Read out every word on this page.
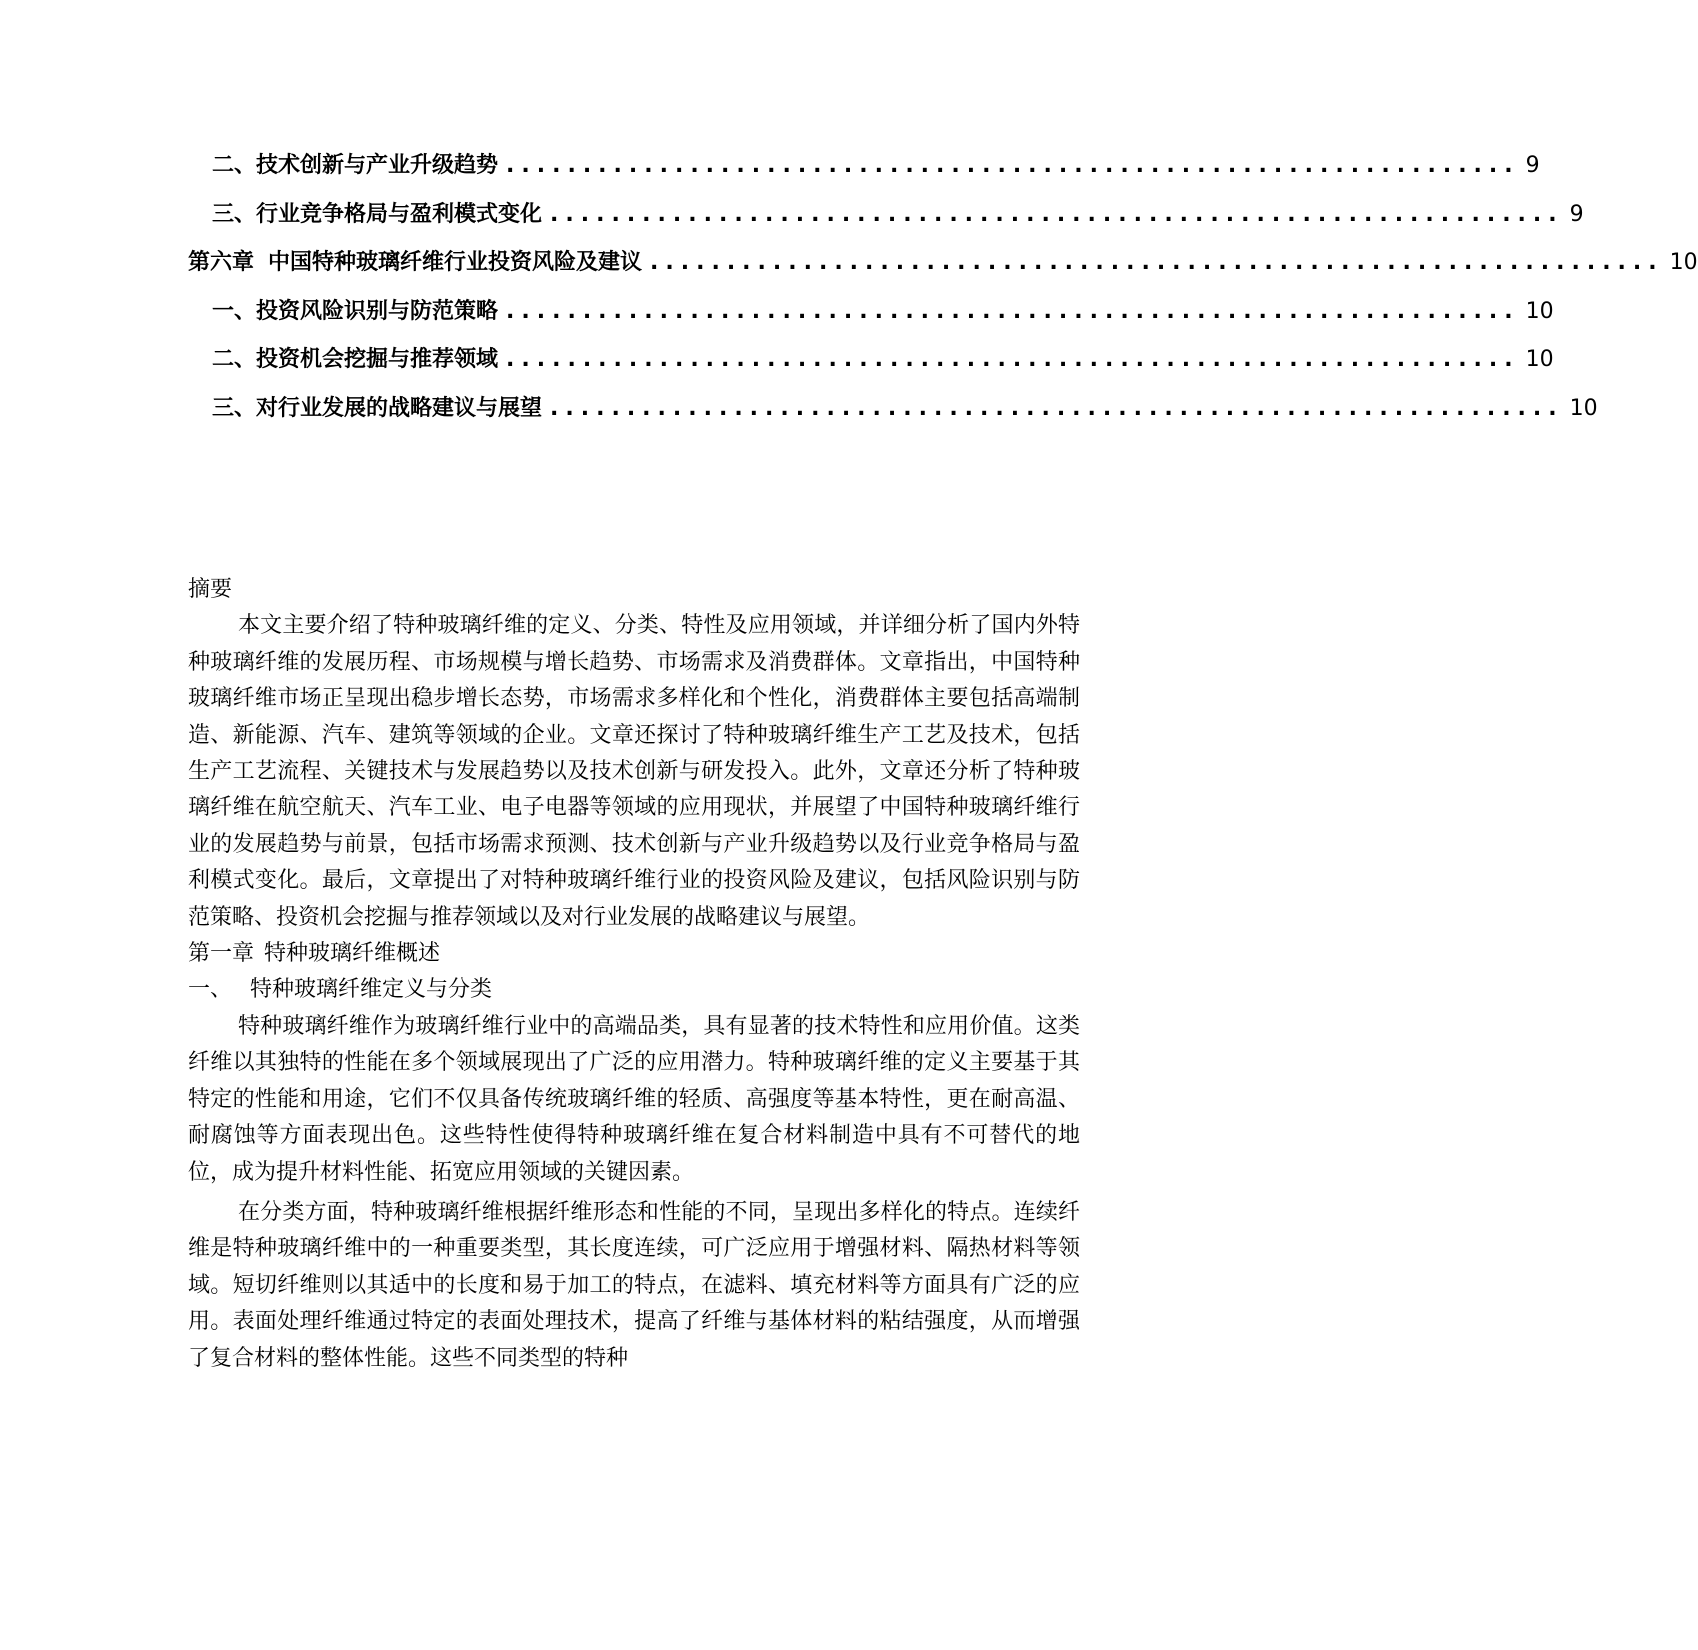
二、 技术创新与产业升级趋势 .................................................................. 9
三、 行业竞争格局与盈利模式变化 .................................................................. 9
第六章 中国特种玻璃纤维行业投资风险及建议 .................................................................. 10
一、 投资风险识别与防范策略 .................................................................. 10
二、 投资机会挖掘与推荐领域 .................................................................. 10
三、 对行业发展的战略建议与展望 .................................................................. 10

摘要

本文主要介绍了特种玻璃纤维的定义、分类、特性及应用领域，并详细分析了国内外特种玻璃纤维的发展历程、市场规模与增长趋势、市场需求及消费群体。文章指出，中国特种玻璃纤维市场正呈现出稳步增长态势，市场需求多样化和个性化，消费群体主要包括高端制造、新能源、汽车、建筑等领域的企业。文章还探讨了特种玻璃纤维生产工艺及技术，包括生产工艺流程、关键技术与发展趋势以及技术创新与研发投入。此外，文章还分析了特种玻璃纤维在航空航天、汽车工业、电子电器等领域的应用现状，并展望了中国特种玻璃纤维行业的发展趋势与前景，包括市场需求预测、技术创新与产业升级趋势以及行业竞争格局与盈利模式变化。最后，文章提出了对特种玻璃纤维行业的投资风险及建议，包括风险识别与防范策略、投资机会挖掘与推荐领域以及对行业发展的战略建议与展望。

第一章 特种玻璃纤维概述

一、 特种玻璃纤维定义与分类

特种玻璃纤维作为玻璃纤维行业中的高端品类，具有显著的技术特性和应用价值。这类纤维以其独特的性能在多个领域展现出了广泛的应用潜力。特种玻璃纤维的定义主要基于其特定的性能和用途，它们不仅具备传统玻璃纤维的轻质、高强度等基本特性，更在耐高温、耐腐蚀等方面表现出色。这些特性使得特种玻璃纤维在复合材料制造中具有不可替代的地位，成为提升材料性能、拓宽应用领域的关键因素。

在分类方面，特种玻璃纤维根据纤维形态和性能的不同，呈现出多样化的特点。连续纤维是特种玻璃纤维中的一种重要类型，其长度连续，可广泛应用于增强材料、隔热材料等领域。短切纤维则以其适中的长度和易于加工的特点，在滤料、填充材料等方面具有广泛的应用。表面处理纤维通过特定的表面处理技术，提高了纤维与基体材料的粘结强度，从而增强了复合材料的整体性能。这些不同类型的特种
